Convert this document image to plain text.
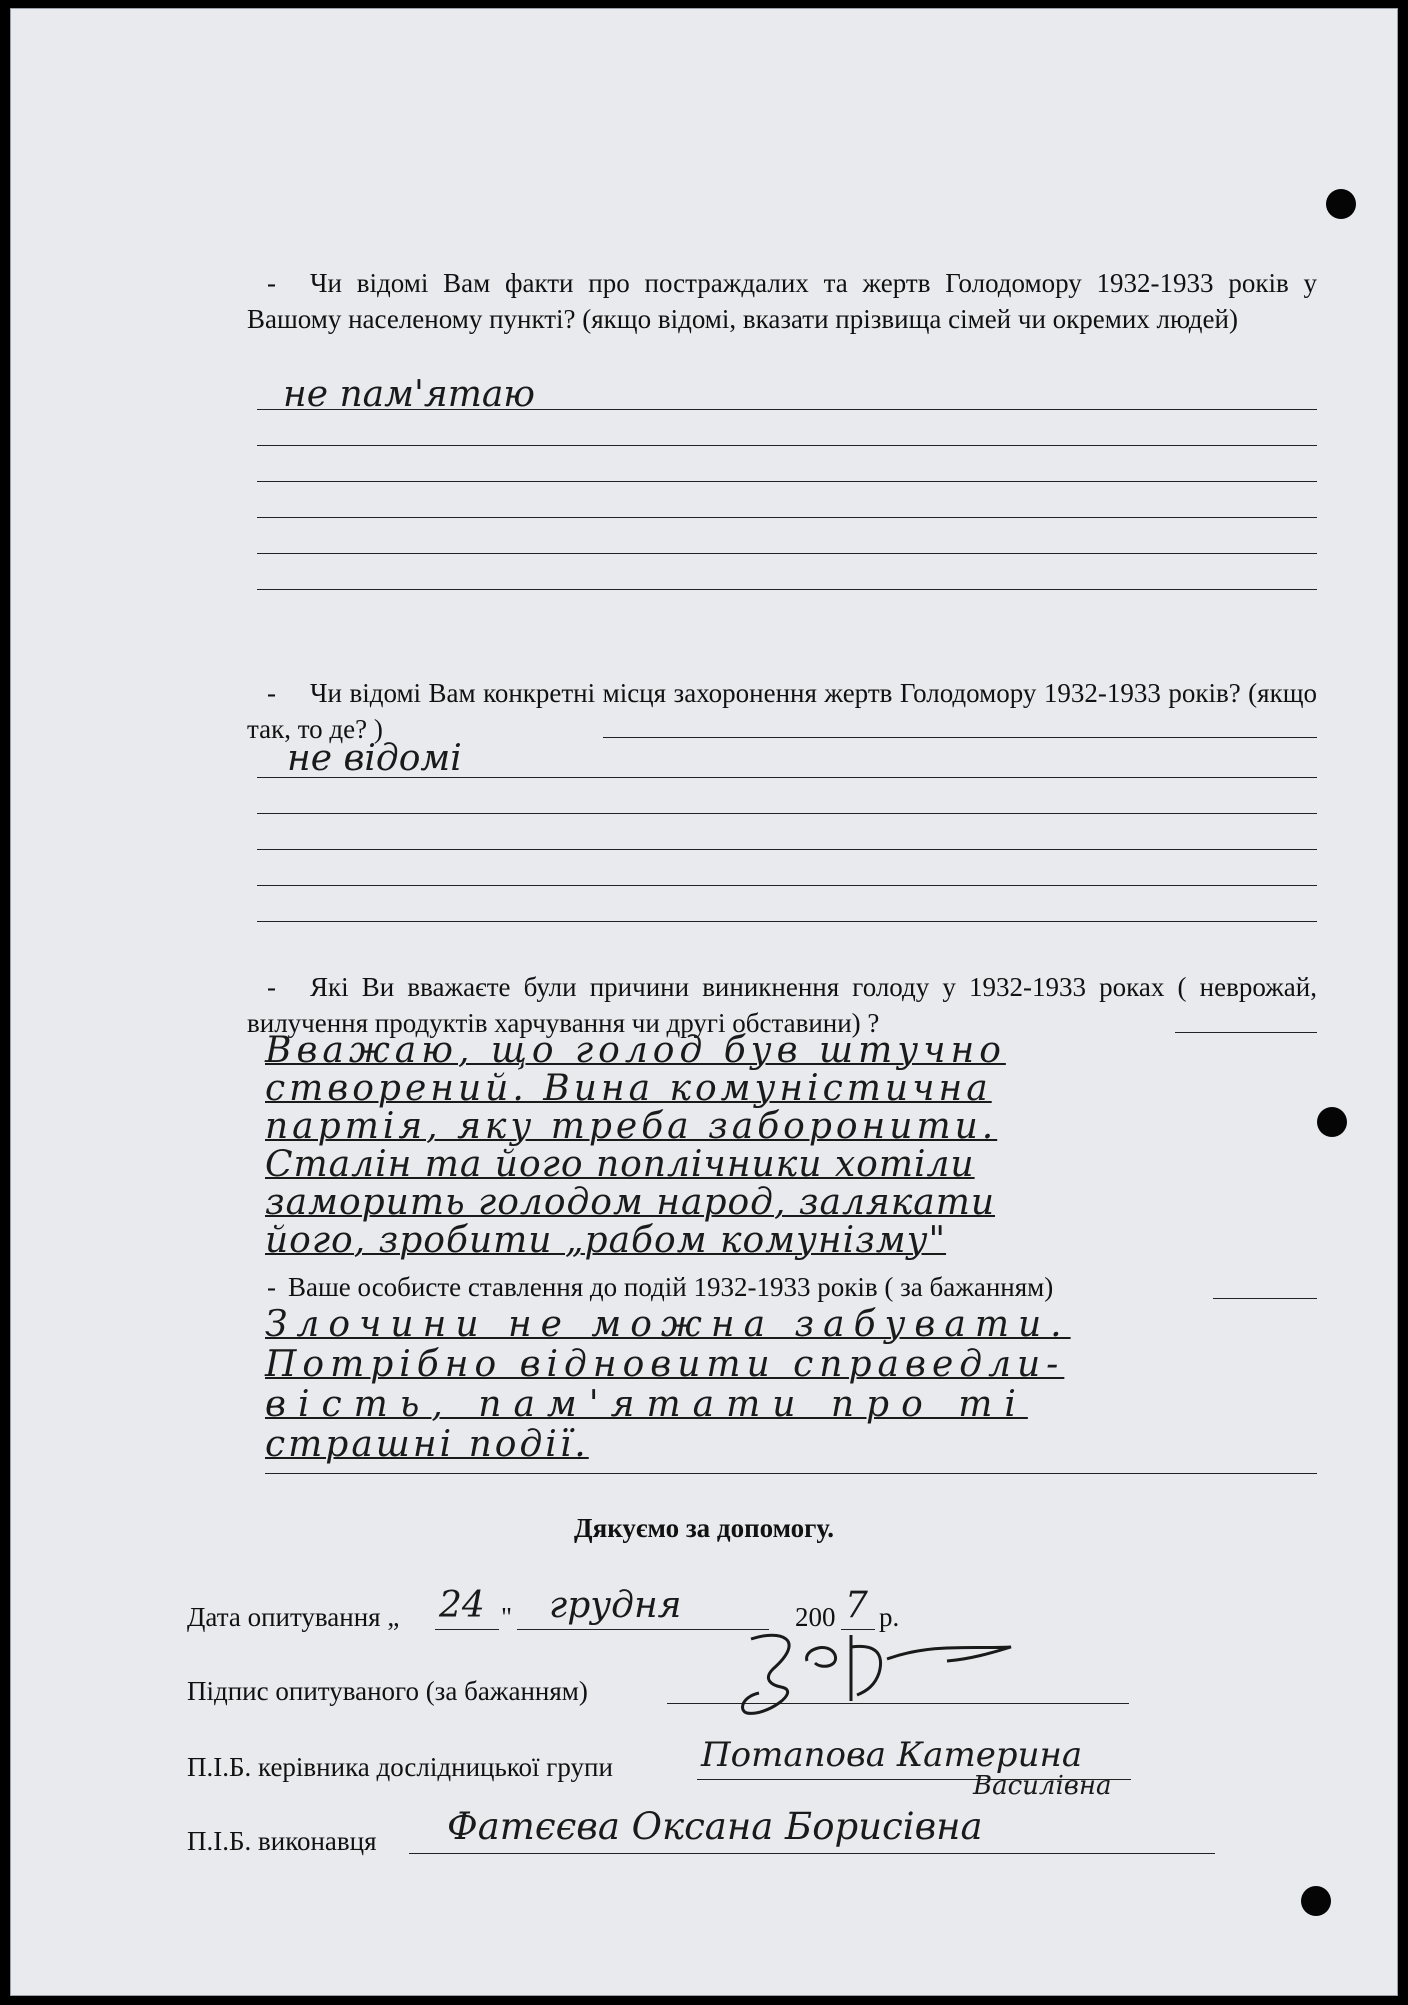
- Чи відомі Вам факти про постраждалих та жертв Голодомору 1932-1933 років у Вашому населеному пункті? (якщо відомі, вказати прізвища сімей чи окремих людей)

не пам'ятаю

- Чи відомі Вам конкретні місця захоронення жертв Голодомору 1932-1933 років? (якщо так, то де? )

не відомі

- Які Ви вважаєте були причини виникнення голоду у 1932-1933 роках ( неврожай, вилучення продуктів харчування чи другі обставини) ?

Вважаю, що голод був штучно
створений. Вина комуністична
партія, яку треба заборонити.
Сталін та його поплічники хотіли
заморить голодом народ, залякати
його, зробити „рабом комунізму"

- Ваше особисте ставлення до подій 1932-1933 років ( за бажанням)

Злочини не можна забувати.
Потрібно відновити справедли-
вість, пам'ятати про ті
страшні події.
Дякуємо за допомогу.
Дата опитування „ 24 " грудня	200 7 р.
Підпис опитуваного (за бажанням)
П.І.Б. керівника дослідницької групи	Потапова Катерина
Василівна
П.І.Б. виконавця Фатєєва Оксана Борисівна
